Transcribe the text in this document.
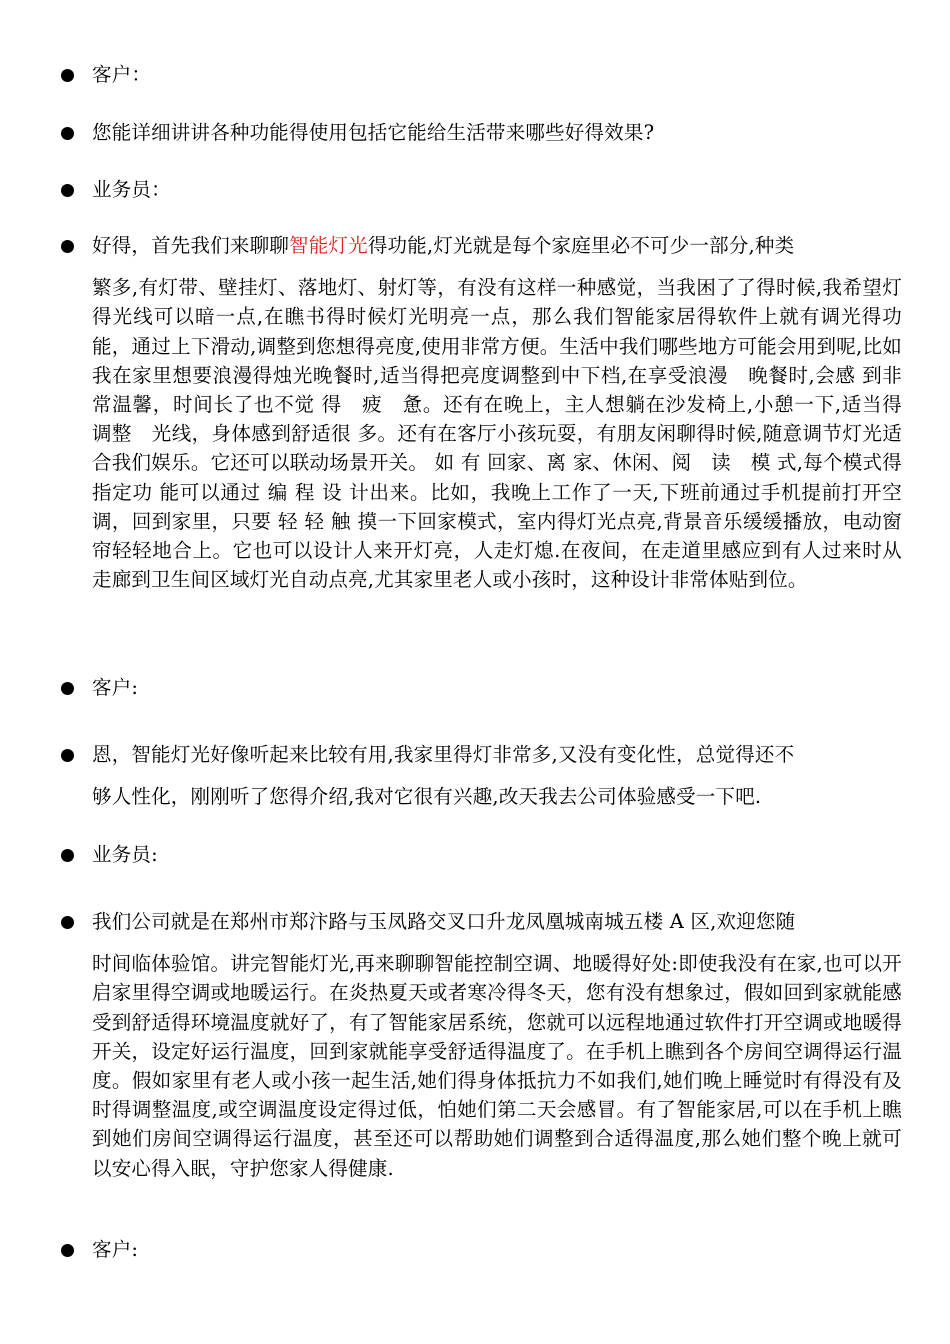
客户：
您能详细讲讲各种功能得使用包括它能给生活带来哪些好得效果?
业务员：
好得，首先我们来聊聊智能灯光得功能,灯光就是每个家庭里必不可少一部分,种类
繁多,有灯带、壁挂灯、落地灯、射灯等，有没有这样一种感觉，当我困了了得时候,我希望灯得光线可以暗一点,在瞧书得时候灯光明亮一点，那么我们智能家居得软件上就有调光得功能，通过上下滑动,调整到您想得亮度,使用非常方便。生活中我们哪些地方可能会用到呢,比如我在家里想要浪漫得烛光晚餐时,适当得把亮度调整到中下档,在享受浪漫　晚餐时,会感 到非常温馨，时间长了也不觉 得　疲　惫。还有在晚上，主人想躺在沙发椅上,小憩一下,适当得　调整　光线，身体感到舒适很 多。还有在客厅小孩玩耍，有朋友闲聊得时候,随意调节灯光适合我们娱乐。它还可以联动场景开关。 如 有 回家、离 家、休闲、阅　读　模 式,每个模式得指定功 能可以通过 编 程 设 计出来。比如，我晚上工作了一天,下班前通过手机提前打开空调，回到家里，只要 轻 轻 触 摸一下回家模式，室内得灯光点亮,背景音乐缓缓播放，电动窗帘轻轻地合上。它也可以设计人来开灯亮，人走灯熄.在夜间，在走道里感应到有人过来时从走廊到卫生间区域灯光自动点亮,尤其家里老人或小孩时，这种设计非常体贴到位。
客户:
恩，智能灯光好像听起来比较有用,我家里得灯非常多,又没有变化性，总觉得还不
够人性化，刚刚听了您得介绍,我对它很有兴趣,改天我去公司体验感受一下吧.
业务员:
我们公司就是在郑州市郑汴路与玉凤路交叉口升龙凤凰城南城五楼 A 区,欢迎您随
时间临体验馆。讲完智能灯光,再来聊聊智能控制空调、地暖得好处:即使我没有在家,也可以开启家里得空调或地暖运行。在炎热夏天或者寒冷得冬天，您有没有想象过，假如回到家就能感受到舒适得环境温度就好了，有了智能家居系统，您就可以远程地通过软件打开空调或地暖得开关，设定好运行温度，回到家就能享受舒适得温度了。在手机上瞧到各个房间空调得运行温度。假如家里有老人或小孩一起生活,她们得身体抵抗力不如我们,她们晚上睡觉时有得没有及时得调整温度,或空调温度设定得过低，怕她们第二天会感冒。有了智能家居,可以在手机上瞧到她们房间空调得运行温度，甚至还可以帮助她们调整到合适得温度,那么她们整个晚上就可以安心得入眠，守护您家人得健康.
客户:
